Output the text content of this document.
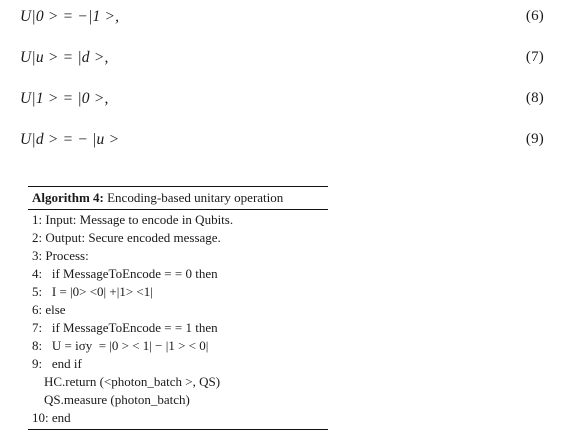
U|0 > = −|1 >,	(6)
U|u > = |d >,	(7)
U|1 > = |0 >,	(8)
U|d > = − |u >	(9)
Algorithm 4: Encoding-based unitary operation
1: Input: Message to encode in Qubits.
2: Output: Secure encoded message.
3: Process:
4:   if MessageToEncode = = 0 then
5:   I = |0> <0| +|1> <1|
6: else
7:   if MessageToEncode = = 1 then
8:   U = iσy  = |0 > < 1| − |1 > < 0|
9:   end if
HC.return (<photon_batch >, QS)
QS.measure (photon_batch)
10: end
